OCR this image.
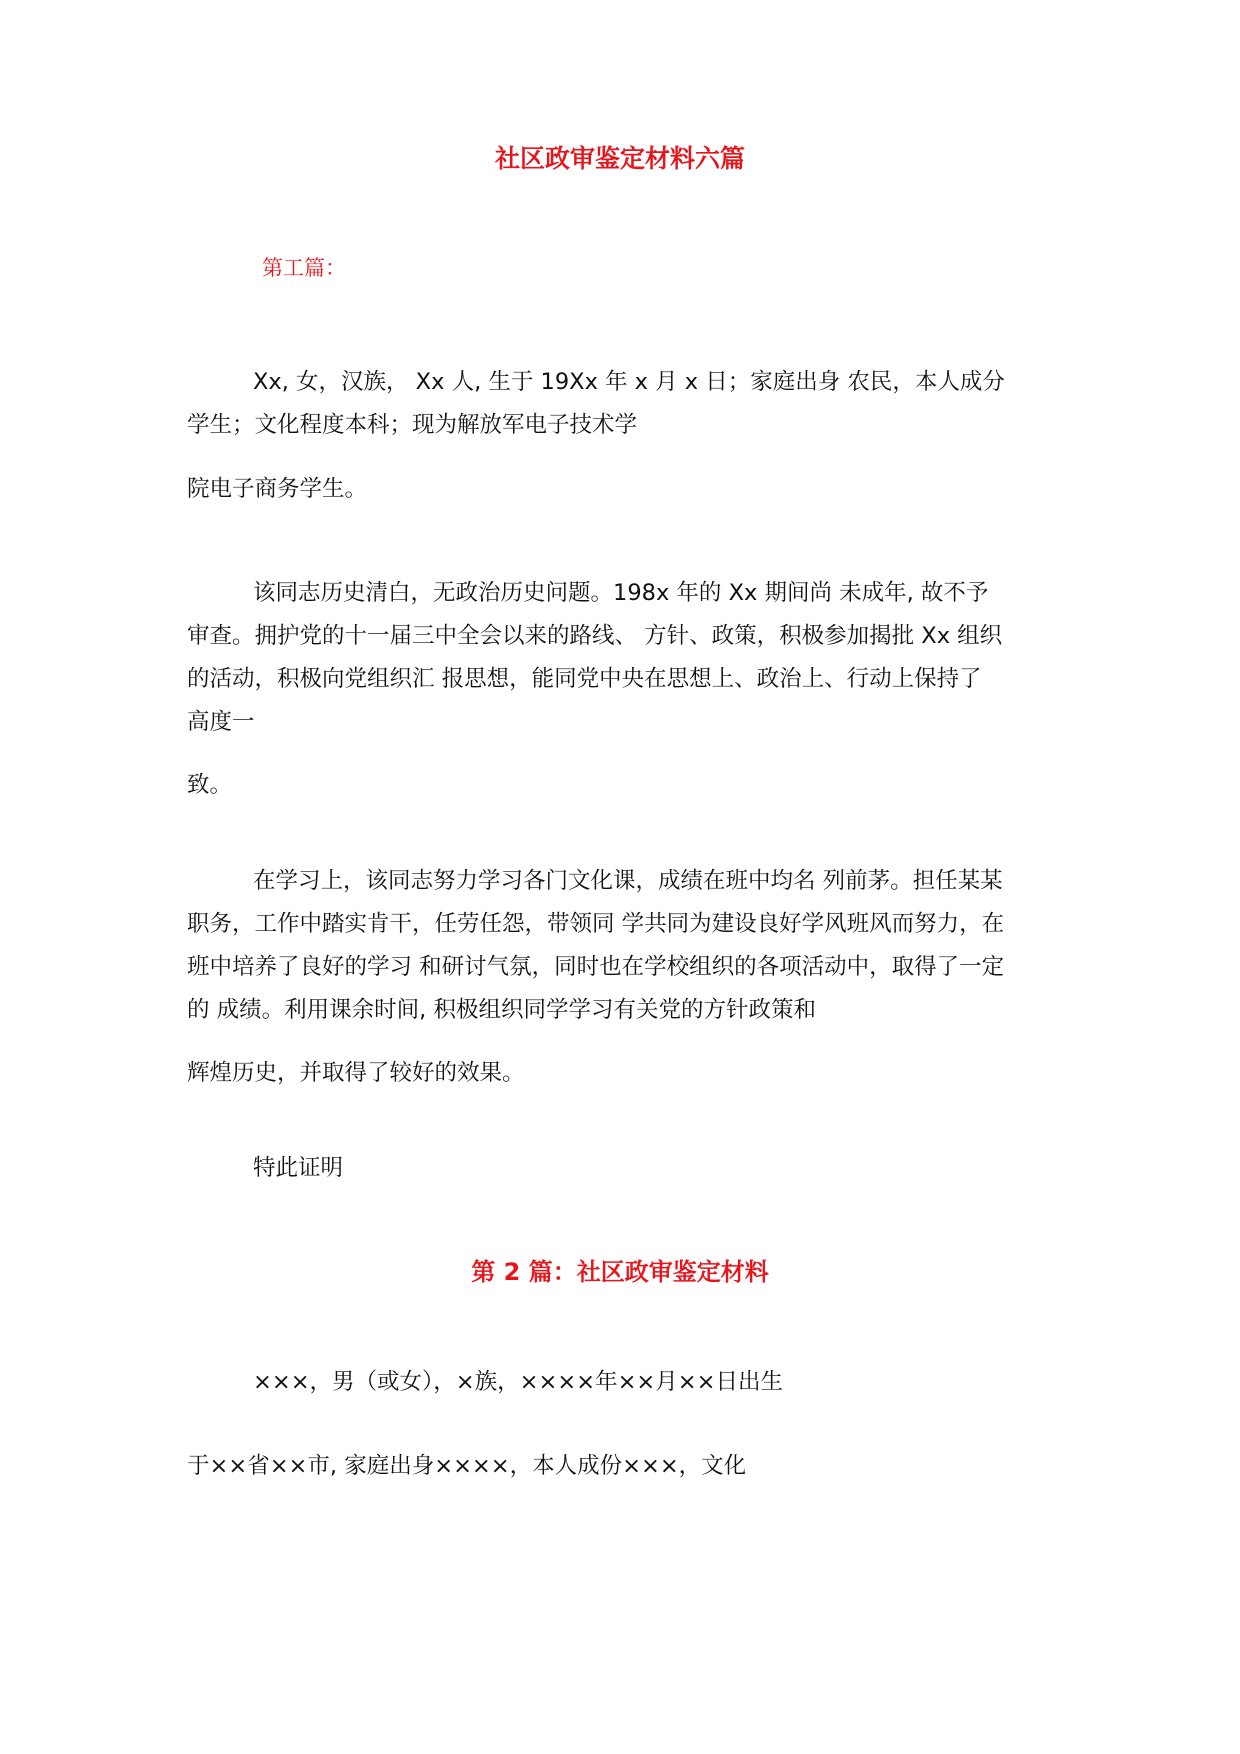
社区政审鉴定材料六篇
第工篇：
Xx, 女，汉族， Xx 人, 生于 19Xx 年 x 月 x 日；家庭出身 农民，本人成分
学生；文化程度本科；现为解放军电子技术学
院电子商务学生。
该同志历史清白，无政治历史问题。198x 年的 Xx 期间尚 未成年, 故不予
审查。拥护党的十一届三中全会以来的路线、 方针、政策，积极参加揭批 Xx 组织
的活动，积极向党组织汇 报思想，能同党中央在思想上、政治上、行动上保持了
高度一
致。
在学习上，该同志努力学习各门文化课，成绩在班中均名 列前茅。担任某某
职务，工作中踏实肯干，任劳任怨，带领同 学共同为建设良好学风班风而努力，在
班中培养了良好的学习 和研讨气氛，同时也在学校组织的各项活动中，取得了一定
的 成绩。利用课余时间, 积极组织同学学习有关党的方针政策和
辉煌历史，并取得了较好的效果。
特此证明
第 2 篇：社区政审鉴定材料
×××，男（或女），×族，××××年××月××日出生
于××省××市, 家庭出身××××，本人成份×××，文化
